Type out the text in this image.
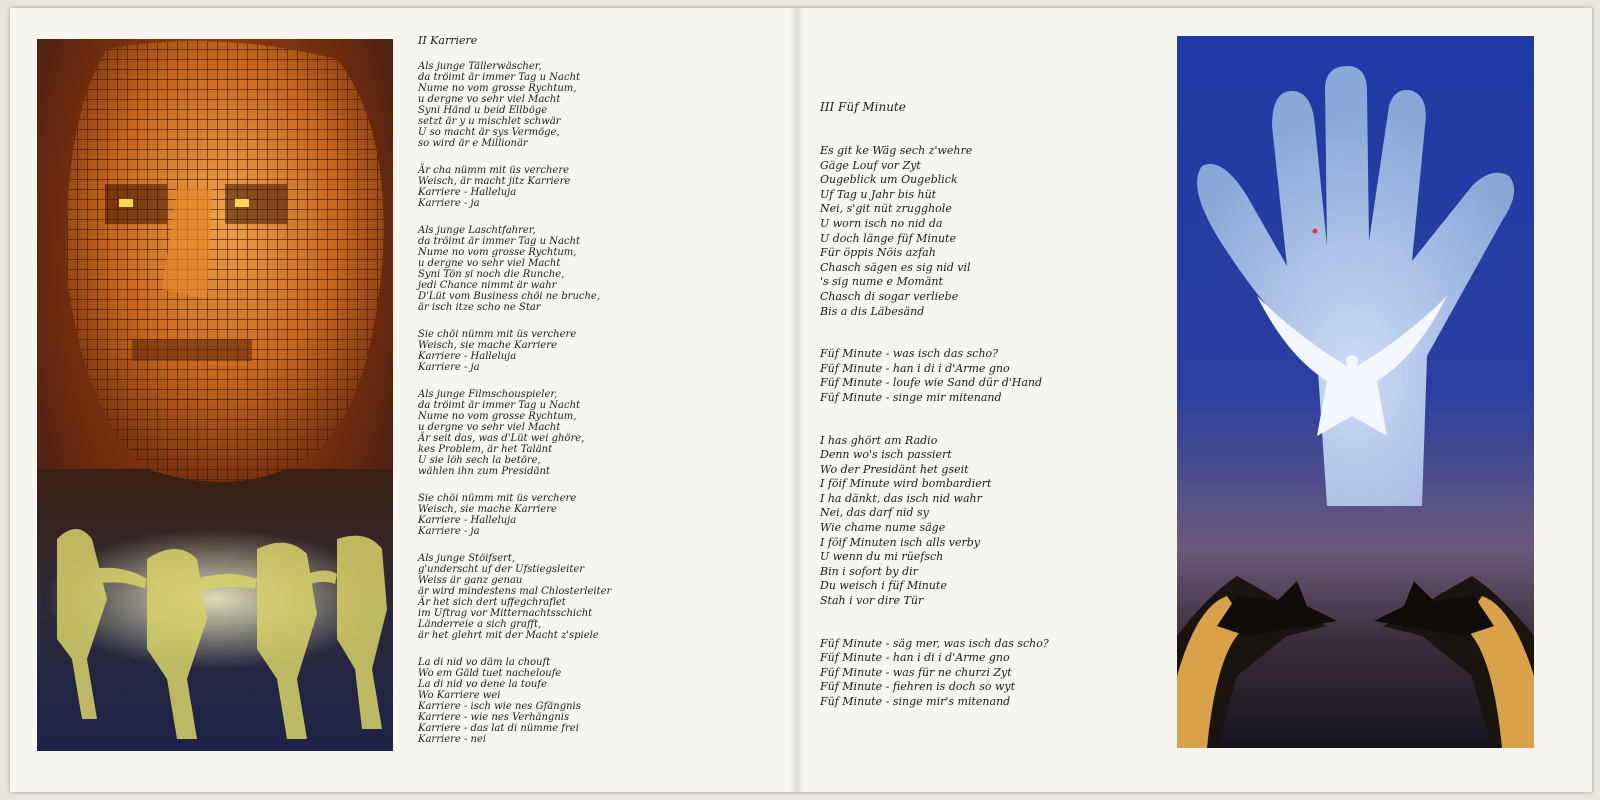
II Karriere
Als junge Tällerwäscher,
da tröimt är immer Tag u Nacht
Nume no vom grosse Rychtum,
u dergne vo sehr viel Macht
Syni Händ u beid Ellböge
setzt är y u mischlet schwär
U so macht är sys Vermöge,
so wird är e Millionär
Är cha nümm mit üs verchere
Weisch, är macht jitz Karriere
Karriere - Halleluja
Karriere - ja
Als junge Laschtfahrer,
da tröimt är immer Tag u Nacht
Nume no vom grosse Rychtum,
u dergne vo sehr viel Macht
Syni Tön si noch die Runche,
jedi Chance nimmt är wahr
D'Lüt vom Business chöi ne bruche,
är isch itze scho ne Star
Sie chöi nümm mit üs verchere
Weisch, sie mache Karriere
Karriere - Halleluja
Karriere - ja
Als junge Filmschouspieler,
da tröimt är immer Tag u Nacht
Nume no vom grosse Rychtum,
u dergne vo sehr viel Macht
Är seit das, was d'Lüt wei ghöre,
kes Problem, är het Talänt
U sie löh sech la betöre,
wählen ihn zum Presidänt
Sie chöi nümm mit üs verchere
Weisch, sie mache Karriere
Karriere - Halleluja
Karriere - ja
Als junge Stöifsert,
g'underscht uf der Ufstiegsleiter
Weiss är ganz genau
är wird mindestens mal Chlosterleiter
Är het sich dert uffegchraflet
im Uftrag vor Mitternachtsschicht
Länderreie a sich grafft,
är het glehrt mit der Macht z'spiele
La di nid vo däm la chouft
Wo em Gäld tuet nacheloufe
La di nid vo dene la toufe
Wo Karriere wei
Karriere - isch wie nes Gfängnis
Karriere - wie nes Verhängnis
Karriere - das lat di nümme frei
Karriere - nei
III Füf Minute
Es git ke Wäg sech z'wehre
Gäge Louf vor Zyt
Ougeblick um Ougeblick
Uf Tag u Jahr bis hüt
Nei, s'git nüt zrugghole
U worn isch no nid da
U doch länge füf Minute
Für öppis Nöis azfah
Chasch sägen es sig nid vil
's sig nume e Momänt
Chasch di sogar verliebe
Bis a dis Läbesänd
Füf Minute - was isch das scho?
Füf Minute - han i di i d'Arme gno
Füf Minute - loufe wie Sand dür d'Hand
Füf Minute - singe mir mitenand
I has ghört am Radio
Denn wo's isch passiert
Wo der Presidänt het gseit
I föif Minute wird bombardiert
I ha dänkt, das isch nid wahr
Nei, das darf nid sy
Wie chame nume säge
I föif Minuten isch alls verby
U wenn du mi rüefsch
Bin i sofort by dir
Du weisch i füf Minute
Stah i vor dire Tür
Füf Minute - säg mer, was isch das scho?
Füf Minute - han i di i d'Arme gno
Füf Minute - was für ne churzi Zyt
Füf Minute - fiehren is doch so wyt
Füf Minute - singe mir's mitenand
